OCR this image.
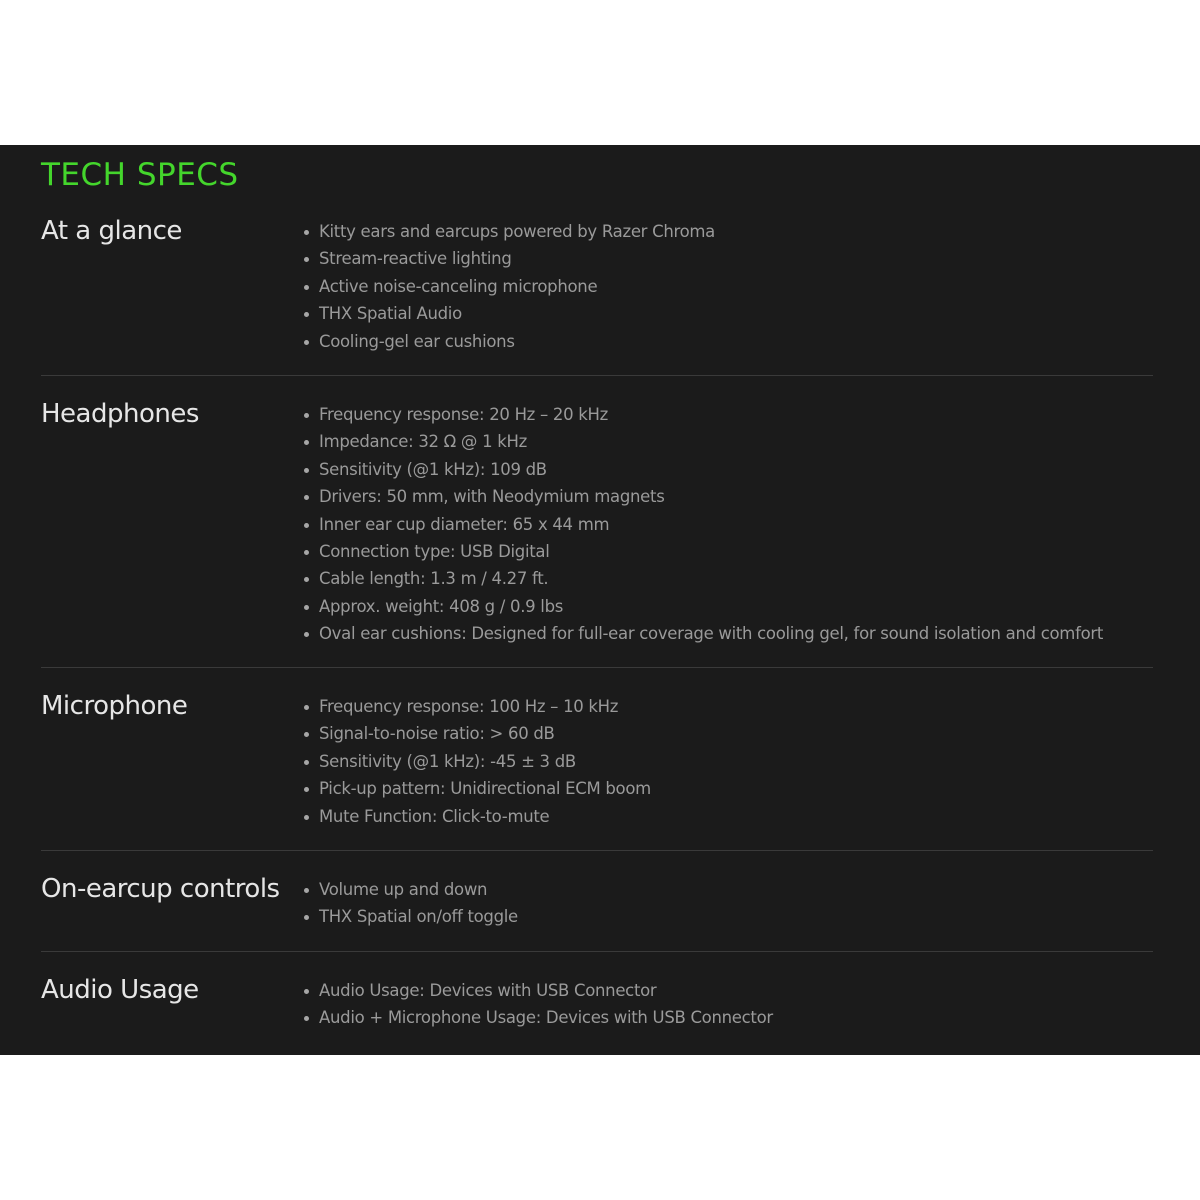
TECH SPECS
At a glance	Kitty ears and earcups powered by Razer Chroma
Stream-reactive lighting
Active noise-canceling microphone
THX Spatial Audio
Cooling-gel ear cushions
Headphones	Frequency response: 20 Hz – 20 kHz
Impedance: 32 Ω @ 1 kHz
Sensitivity (@1 kHz): 109 dB
Drivers: 50 mm, with Neodymium magnets
Inner ear cup diameter: 65 x 44 mm
Connection type: USB Digital
Cable length: 1.3 m / 4.27 ft.
Approx. weight: 408 g / 0.9 lbs
Oval ear cushions: Designed for full-ear coverage with cooling gel, for sound isolation and comfort
Microphone	Frequency response: 100 Hz – 10 kHz
Signal-to-noise ratio: > 60 dB
Sensitivity (@1 kHz): -45 ± 3 dB
Pick-up pattern: Unidirectional ECM boom
Mute Function: Click-to-mute
On-earcup controls	Volume up and down
THX Spatial on/off toggle
Audio Usage	Audio Usage: Devices with USB Connector
Audio + Microphone Usage: Devices with USB Connector
